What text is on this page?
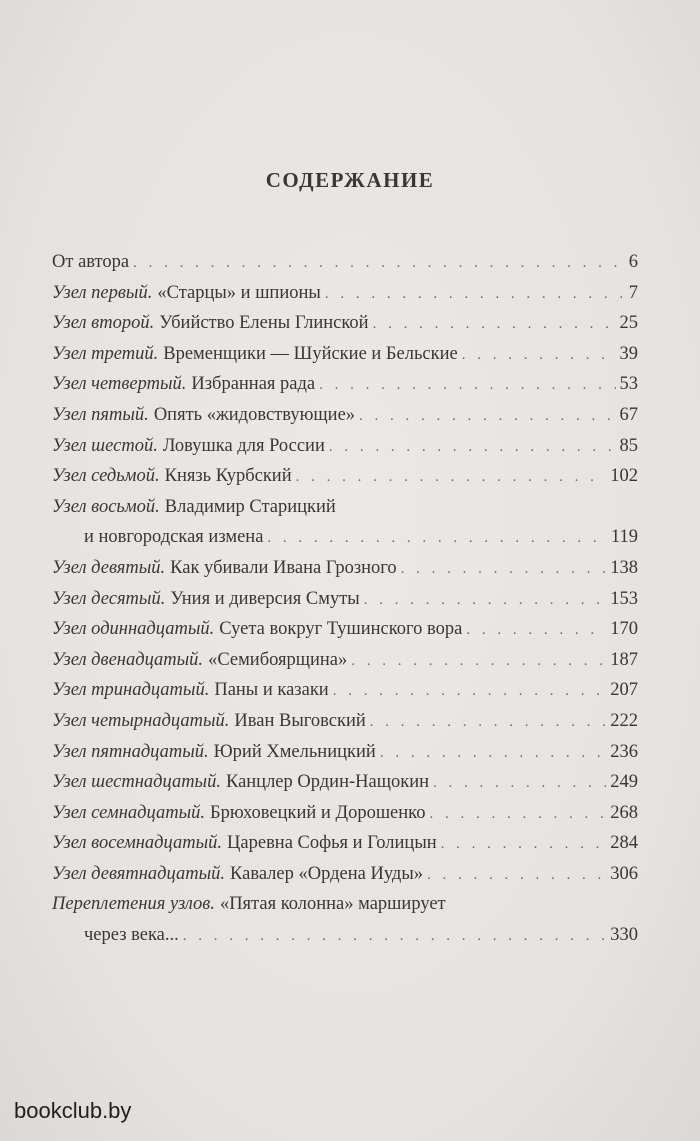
СОДЕРЖАНИЕ
От автора . . .	6
Узел первый. «Старцы» и шпионы . . .	7
Узел второй. Убийство Елены Глинской . . .	25
Узел третий. Временщики — Шуйские и Бельские . . .	39
Узел четвертый. Избранная рада . . .	53
Узел пятый. Опять «жидовствующие» . . .	67
Узел шестой. Ловушка для России . . .	85
Узел седьмой. Князь Курбский . . .	102
Узел восьмой. Владимир Старицкий
и новгородская измена . . .	119
Узел девятый. Как убивали Ивана Грозного . . .	138
Узел десятый. Уния и диверсия Смуты . . .	153
Узел одиннадцатый. Суета вокруг Тушинского вора . . .	170
Узел двенадцатый. «Семибоярщина» . . .	187
Узел тринадцатый. Паны и казаки . . .	207
Узел четырнадцатый. Иван Выговский . . .	222
Узел пятнадцатый. Юрий Хмельницкий . . .	236
Узел шестнадцатый. Канцлер Ордин-Нащокин . . .	249
Узел семнадцатый. Брюховецкий и Дорошенко . . .	268
Узел восемнадцатый. Царевна Софья и Голицын . . .	284
Узел девятнадцатый. Кавалер «Ордена Иуды» . . .	306
Переплетения узлов. «Пятая колонна» марширует
через века... . . .	330
bookclub.by
